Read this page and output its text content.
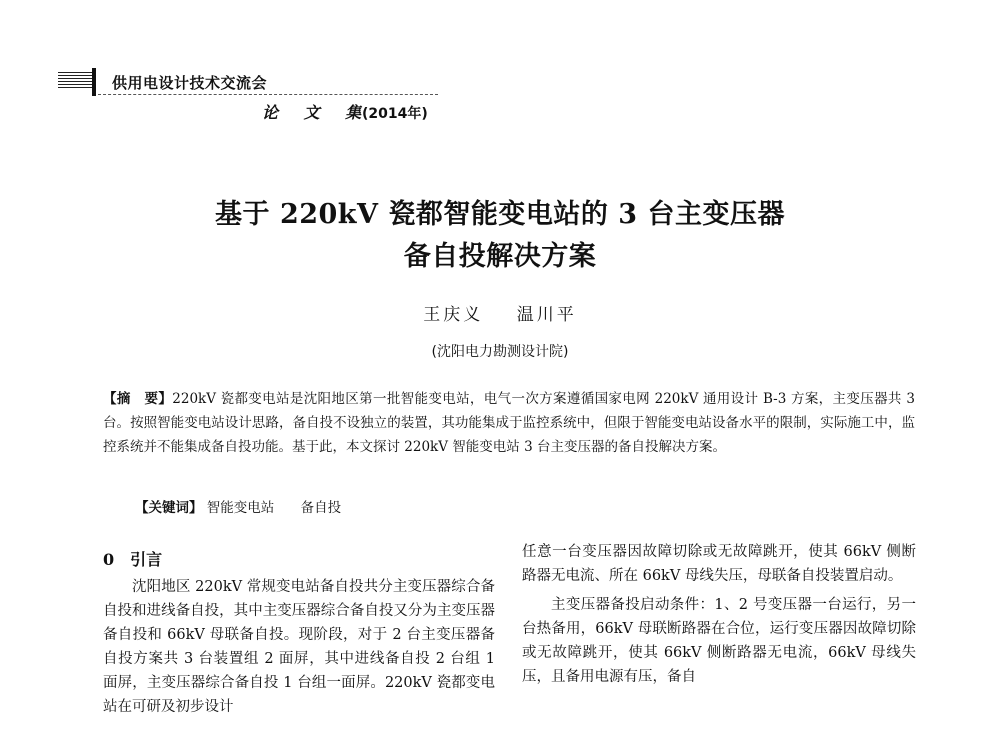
供用电设计技术交流会
论 文 集
(2014年)
基于 220kV 瓷都智能变电站的 3 台主变压器
备自投解决方案
王庆义 温川平
(沈阳电力勘测设计院)
【摘　要】220kV 瓷都变电站是沈阳地区第一批智能变电站，电气一次方案遵循国家电网 220kV 通用设计 B-3 方案，主变压器共 3 台。按照智能变电站设计思路，备自投不设独立的装置，其功能集成于监控系统中，但限于智能变电站设备水平的限制，实际施工中，监控系统并不能集成备自投功能。基于此，本文探讨 220kV 智能变电站 3 台主变压器的备自投解决方案。
【关键词】 智能变电站 备自投
0 引言

沈阳地区 220kV 常规变电站备自投共分主变压器综合备自投和进线备自投，其中主变压器综合备自投又分为主变压器备自投和 66kV 母联备自投。现阶段，对于 2 台主变压器备自投方案共 3 台装置组 2 面屏，其中进线备自投 2 台组 1 面屏，主变压器综合备自投 1 台组一面屏。220kV 瓷都变电站在可研及初步设计

任意一台变压器因故障切除或无故障跳开，使其 66kV 侧断路器无电流、所在 66kV 母线失压，母联备自投装置启动。

主变压器备投启动条件：1、2 号变压器一台运行，另一台热备用，66kV 母联断路器在合位，运行变压器因故障切除或无故障跳开，使其 66kV 侧断路器无电流，66kV 母线失压，且备用电源有压，备自
